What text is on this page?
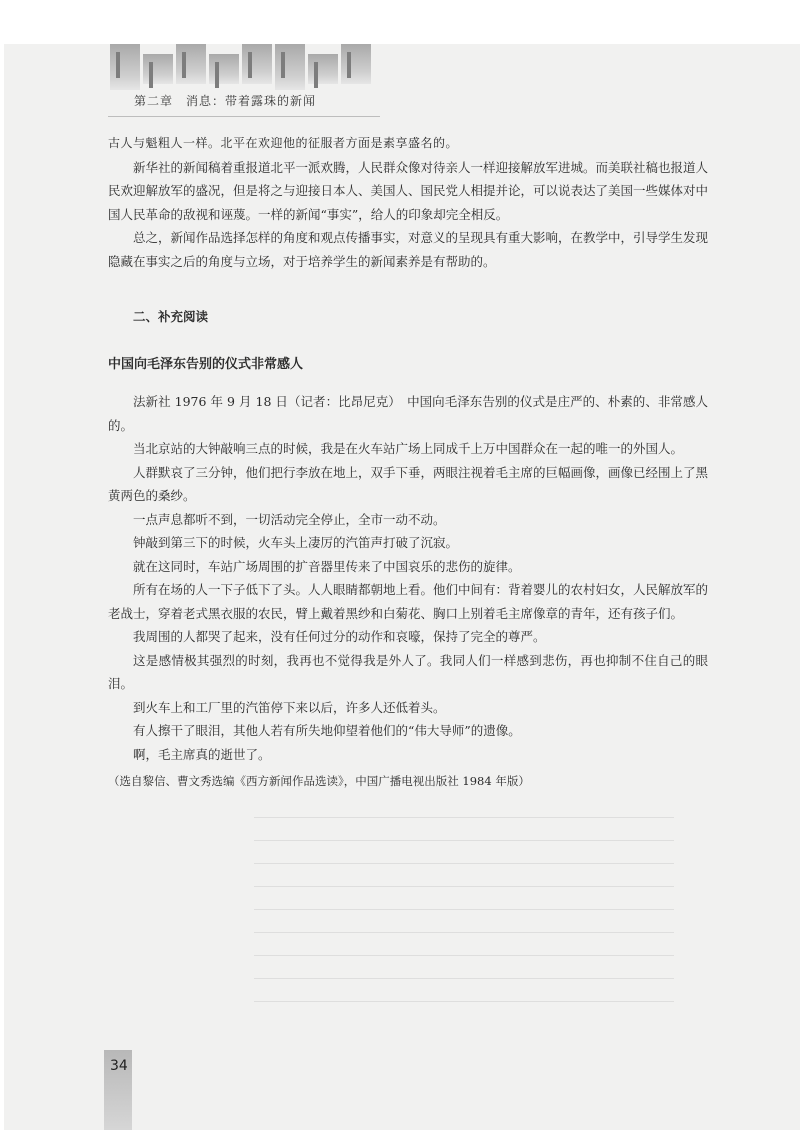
第二章　消息：带着露珠的新闻

古人与魁粗人一样。北平在欢迎他的征服者方面是素享盛名的。

新华社的新闻稿着重报道北平一派欢腾，人民群众像对待亲人一样迎接解放军进城。而美联社稿也报道人民欢迎解放军的盛况，但是将之与迎接日本人、美国人、国民党人相提并论，可以说表达了美国一些媒体对中国人民革命的敌视和诬蔑。一样的新闻“事实”，给人的印象却完全相反。

总之，新闻作品选择怎样的角度和观点传播事实，对意义的呈现具有重大影响，在教学中，引导学生发现隐藏在事实之后的角度与立场，对于培养学生的新闻素养是有帮助的。

二、补充阅读

中国向毛泽东告别的仪式非常感人

法新社 1976 年 9 月 18 日（记者：比昂尼克）　中国向毛泽东告别的仪式是庄严的、朴素的、非常感人的。

当北京站的大钟敲响三点的时候，我是在火车站广场上同成千上万中国群众在一起的唯一的外国人。

人群默哀了三分钟，他们把行李放在地上，双手下垂，两眼注视着毛主席的巨幅画像，画像已经围上了黑黄两色的桑纱。

一点声息都听不到，一切活动完全停止，全市一动不动。

钟敲到第三下的时候，火车头上凄厉的汽笛声打破了沉寂。

就在这同时，车站广场周围的扩音器里传来了中国哀乐的悲伤的旋律。

所有在场的人一下子低下了头。人人眼睛都朝地上看。他们中间有：背着婴儿的农村妇女，人民解放军的老战士，穿着老式黑衣服的农民，臂上戴着黑纱和白菊花、胸口上别着毛主席像章的青年，还有孩子们。

我周围的人都哭了起来，没有任何过分的动作和哀嚎，保持了完全的尊严。

这是感情极其强烈的时刻，我再也不觉得我是外人了。我同人们一样感到悲伤，再也抑制不住自己的眼泪。

到火车上和工厂里的汽笛停下来以后，许多人还低着头。

有人擦干了眼泪，其他人若有所失地仰望着他们的“伟大导师”的遗像。

啊，毛主席真的逝世了。

（选自黎信、曹文秀选编《西方新闻作品选读》，中国广播电视出版社 1984 年版）

34
